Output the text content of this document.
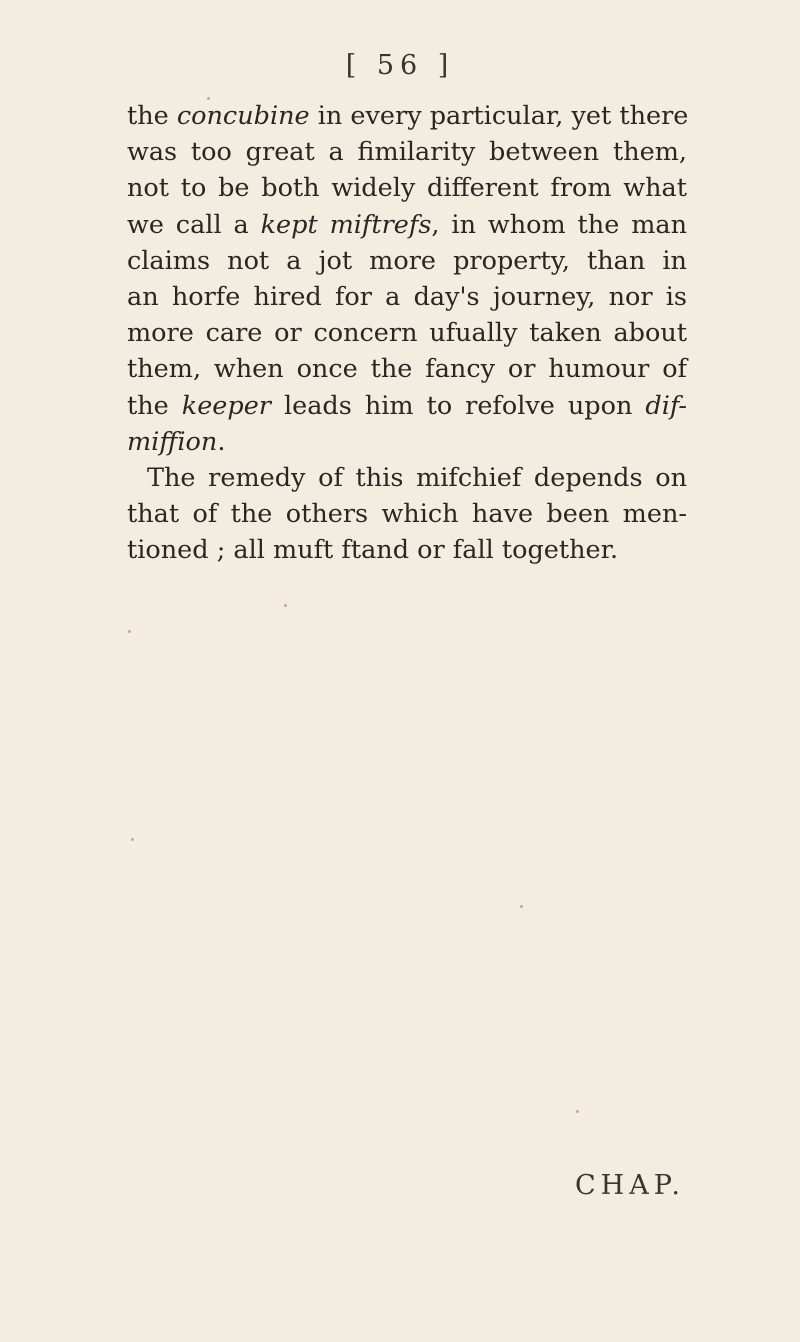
[ 56 ]
the concubine in every particular, yet there
was too great a fimilarity between them,
not to be both widely different from what
we call a kept miftrefs, in whom the man
claims not a jot more property, than in
an horfe hired for a day's journey, nor is
more care or concern ufually taken about
them, when once the fancy or humour of
the keeper leads him to refolve upon dif-
miffion.
The remedy of this mifchief depends on
that of the others which have been men-
tioned ; all muft ftand or fall together.
CHAP.
